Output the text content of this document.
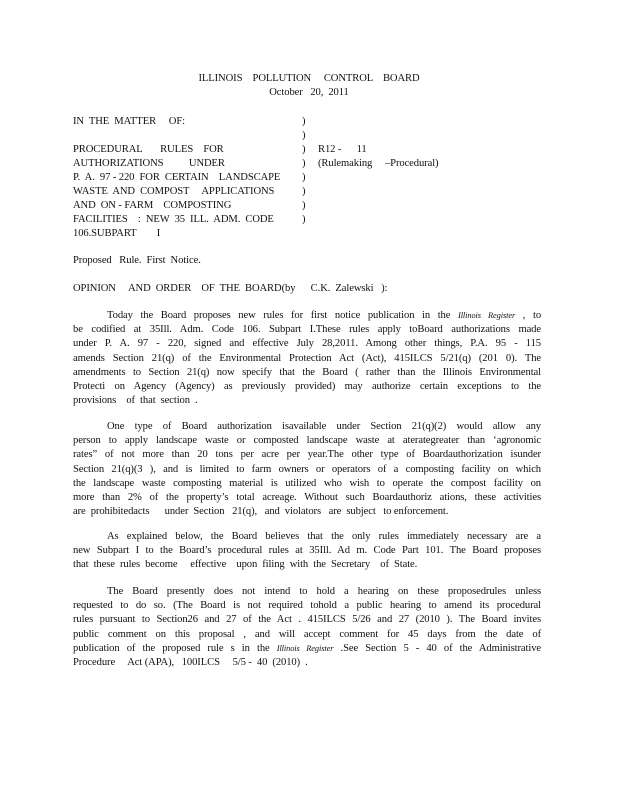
ILLINOIS    POLLUTION     CONTROL    BOARD
October   20,  2011
IN  THE  MATTER     OF:
PROCEDURAL       RULES    FOR
AUTHORIZATIONS          UNDER
P.  A.  97 - 220  FOR  CERTAIN    LANDSCAPE
WASTE  AND  COMPOST     APPLICATIONS
AND  ON - FARM    COMPOSTING
FACILITIES    :  NEW  35  ILL.  ADM.  CODE
106.SUBPART        I
)
)
)
)
)
)
)
)
R12 -      11
(Rulemaking     –Procedural)
Proposed   Rule.  First  Notice.
OPINION     AND  ORDER    OF  THE  BOARD(by      C.K.  Zalewski   ):
Today the Board proposes new rules for first notice publication in the Illinois Register , to
be codified at 35Ill. Adm. Code 106. Subpart I.These rules apply toBoard authorizations made
under P. A. 97 - 220, signed and effective July 28,2011. Among other things, P.A. 95 - 115
amends Section 21(q) of the Environmental Protection Act (Act), 415ILCS 5/21(q) (201 0). The
amendments to Section 21(q) now specify that the Board ( rather than the Illinois Environmental
Protecti on Agency (Agency) as previously provided) may authorize certain exceptions to the
provisions    of  that  section  .
One type of Board authorization isavailable under Section 21(q)(2) would allow any
person to apply landscape waste or composted landscape waste at aterategreater than ‘agronomic
rates” of not more than 20 tons per acre per year.The other type of Boardauthorization isunder
Section 21(q)(3 ), and is limited to farm owners or operators of a composting facility on which
the landscape waste composting material is utilized who wish to operate the compost facility on
more than 2% of the property’s total acreage. Without such Boardauthoriz ations, these activities
are  prohibitedacts      under  Section   21(q),   and  violators   are  subject   to enforcement.
As explained below, the Board believes that the only rules immediately necessary are a
new Subpart I to the Board’s procedural rules at 35Ill. Ad m. Code Part 101. The Board proposes
that  these  rules  become     effective    upon  filing  with  the  Secretary    of  State.
The Board presently does not intend to hold a hearing on these proposedrules unless
requested to do so. (The Board is not required tohold a public hearing to amend its procedural
rules pursuant to Section26 and 27 of the Act . 415ILCS 5/26 and 27 (2010 ). The Board invites
public comment on this proposal , and will accept comment for 45 days from the date of
publication of the proposed rule s in the Illinois Register .See Section 5 - 40 of the Administrative
Procedure     Act (APA),   100ILCS     5/5 -  40  (2010)  .
